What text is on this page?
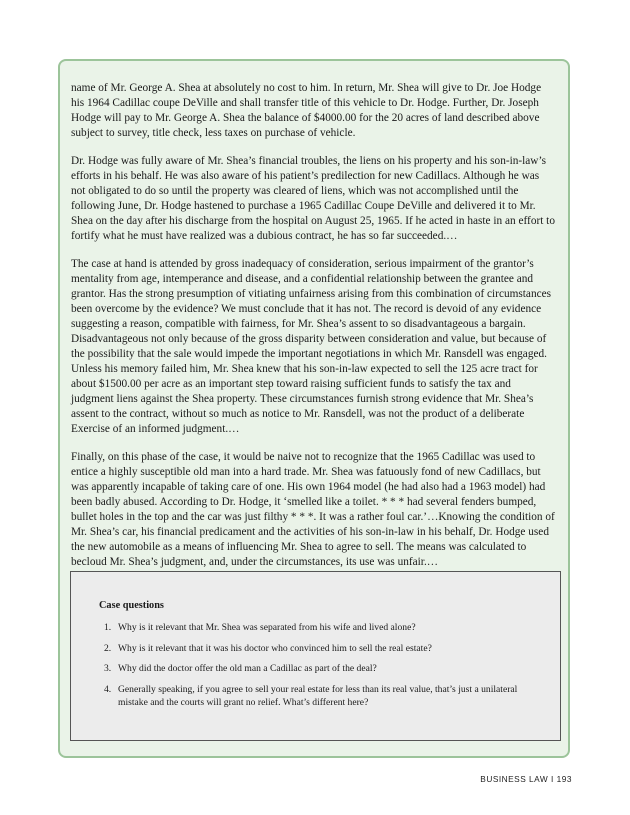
name of Mr. George A. Shea at absolutely no cost to him. In return, Mr. Shea will give to Dr. Joe Hodge his 1964 Cadillac coupe DeVille and shall transfer title of this vehicle to Dr. Hodge. Further, Dr. Joseph Hodge will pay to Mr. George A. Shea the balance of $4000.00 for the 20 acres of land described above subject to survey, title check, less taxes on purchase of vehicle.

Dr. Hodge was fully aware of Mr. Shea’s financial troubles, the liens on his property and his son-in-law’s efforts in his behalf. He was also aware of his patient’s predilection for new Cadillacs. Although he was not obligated to do so until the property was cleared of liens, which was not accomplished until the following June, Dr. Hodge hastened to purchase a 1965 Cadillac Coupe DeVille and delivered it to Mr. Shea on the day after his discharge from the hospital on August 25, 1965. If he acted in haste in an effort to fortify what he must have realized was a dubious contract, he has so far succeeded.…

The case at hand is attended by gross inadequacy of consideration, serious impairment of the grantor’s mentality from age, intemperance and disease, and a confidential relationship between the grantee and grantor. Has the strong presumption of vitiating unfairness arising from this combination of circumstances been overcome by the evidence? We must conclude that it has not. The record is devoid of any evidence suggesting a reason, compatible with fairness, for Mr. Shea’s assent to so disadvantageous a bargain. Disadvantageous not only because of the gross disparity between consideration and value, but because of the possibility that the sale would impede the important negotiations in which Mr. Ransdell was engaged. Unless his memory failed him, Mr. Shea knew that his son-in-law expected to sell the 125 acre tract for about $1500.00 per acre as an important step toward raising sufficient funds to satisfy the tax and judgment liens against the Shea property. These circumstances furnish strong evidence that Mr. Shea’s assent to the contract, without so much as notice to Mr. Ransdell, was not the product of a deliberate Exercise of an informed judgment.…

Finally, on this phase of the case, it would be naive not to recognize that the 1965 Cadillac was used to entice a highly susceptible old man into a hard trade. Mr. Shea was fatuously fond of new Cadillacs, but was apparently incapable of taking care of one. His own 1964 model (he had also had a 1963 model) had been badly abused. According to Dr. Hodge, it ‘smelled like a toilet. * * * had several fenders bumped, bullet holes in the top and the car was just filthy * * *. It was a rather foul car.’…Knowing the condition of Mr. Shea’s car, his financial predicament and the activities of his son-in-law in his behalf, Dr. Hodge used the new automobile as a means of influencing Mr. Shea to agree to sell. The means was calculated to becloud Mr. Shea’s judgment, and, under the circumstances, its use was unfair.…

Case questions
1. Why is it relevant that Mr. Shea was separated from his wife and lived alone?
2. Why is it relevant that it was his doctor who convinced him to sell the real estate?
3. Why did the doctor offer the old man a Cadillac as part of the deal?
4. Generally speaking, if you agree to sell your real estate for less than its real value, that’s just a unilateral mistake and the courts will grant no relief. What’s different here?
BUSINESS LAW I 193
